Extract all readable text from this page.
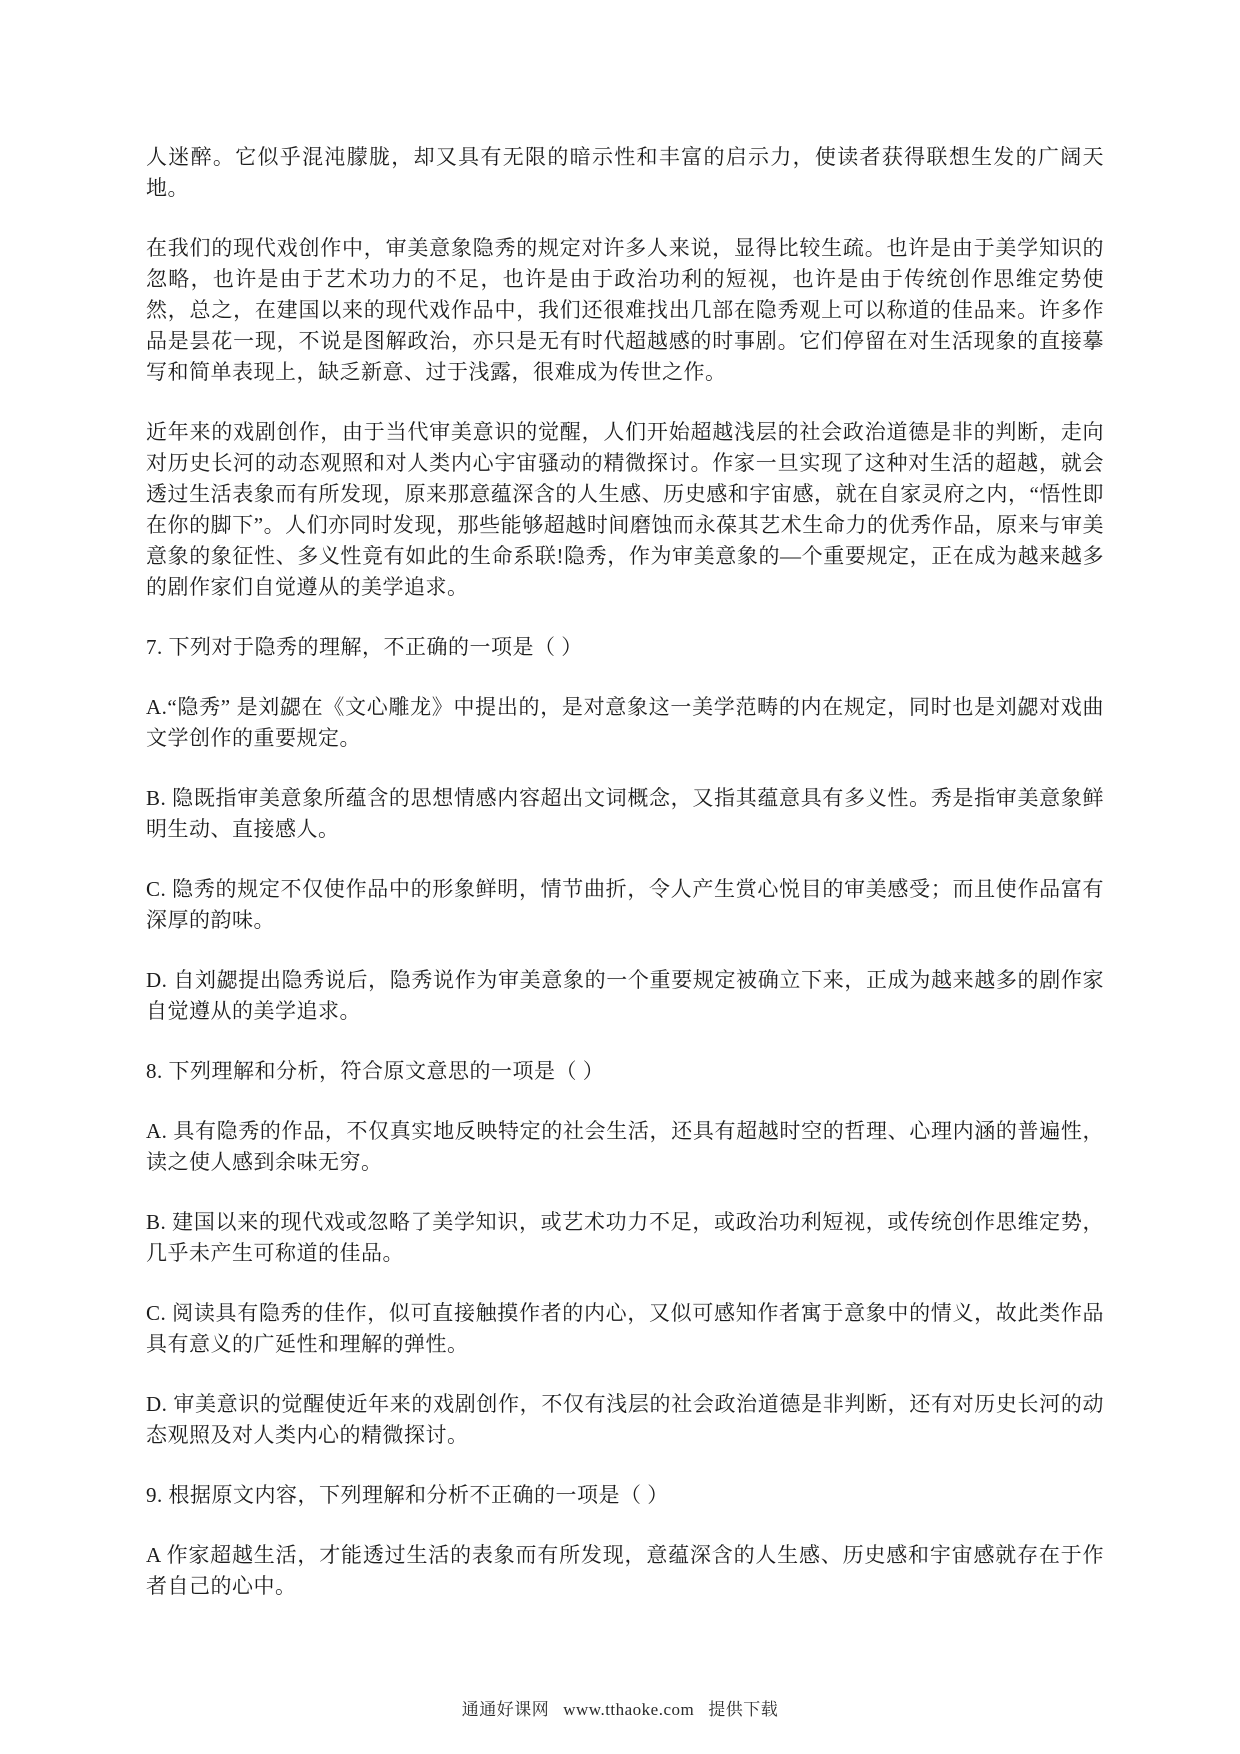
人迷醉。它似乎混沌朦胧，却又具有无限的暗示性和丰富的启示力，使读者获得联想生发的广阔天地。

在我们的现代戏创作中，审美意象隐秀的规定对许多人来说，显得比较生疏。也许是由于美学知识的忽略，也许是由于艺术功力的不足，也许是由于政治功利的短视，也许是由于传统创作思维定势使然，总之，在建国以来的现代戏作品中，我们还很难找出几部在隐秀观上可以称道的佳品来。许多作品是昙花一现，不说是图解政治，亦只是无有时代超越感的时事剧。它们停留在对生活现象的直接摹写和简单表现上，缺乏新意、过于浅露，很难成为传世之作。

近年来的戏剧创作，由于当代审美意识的觉醒，人们开始超越浅层的社会政治道德是非的判断，走向对历史长河的动态观照和对人类内心宇宙骚动的精微探讨。作家一旦实现了这种对生活的超越，就会透过生活表象而有所发现，原来那意蕴深含的人生感、历史感和宇宙感，就在自家灵府之内，“悟性即在你的脚下”。人们亦同时发现，那些能够超越时间磨蚀而永葆其艺术生命力的优秀作品，原来与审美意象的象征性、多义性竟有如此的生命系联!隐秀，作为审美意象的—个重要规定，正在成为越来越多的剧作家们自觉遵从的美学追求。

7. 下列对于隐秀的理解，不正确的一项是（ ）

A.“隐秀” 是刘勰在《文心雕龙》中提出的，是对意象这一美学范畴的内在规定，同时也是刘勰对戏曲文学创作的重要规定。

B. 隐既指审美意象所蕴含的思想情感内容超出文词概念，又指其蕴意具有多义性。秀是指审美意象鲜明生动、直接感人。

C. 隐秀的规定不仅使作品中的形象鲜明，情节曲折，令人产生赏心悦目的审美感受；而且使作品富有深厚的韵味。

D. 自刘勰提出隐秀说后，隐秀说作为审美意象的一个重要规定被确立下来，正成为越来越多的剧作家自觉遵从的美学追求。

8. 下列理解和分析，符合原文意思的一项是（ ）

A. 具有隐秀的作品，不仅真实地反映特定的社会生活，还具有超越时空的哲理、心理内涵的普遍性，读之使人感到余味无穷。

B. 建国以来的现代戏或忽略了美学知识，或艺术功力不足，或政治功利短视，或传统创作思维定势，几乎未产生可称道的佳品。

C. 阅读具有隐秀的佳作，似可直接触摸作者的内心，又似可感知作者寓于意象中的情义，故此类作品具有意义的广延性和理解的弹性。

D. 审美意识的觉醒使近年来的戏剧创作，不仅有浅层的社会政治道德是非判断，还有对历史长河的动态观照及对人类内心的精微探讨。

9. 根据原文内容，下列理解和分析不正确的一项是（ ）

A 作家超越生活，才能透过生活的表象而有所发现，意蕴深含的人生感、历史感和宇宙感就存在于作者自己的心中。

通通好课网 www.tthaoke.com 提供下载
